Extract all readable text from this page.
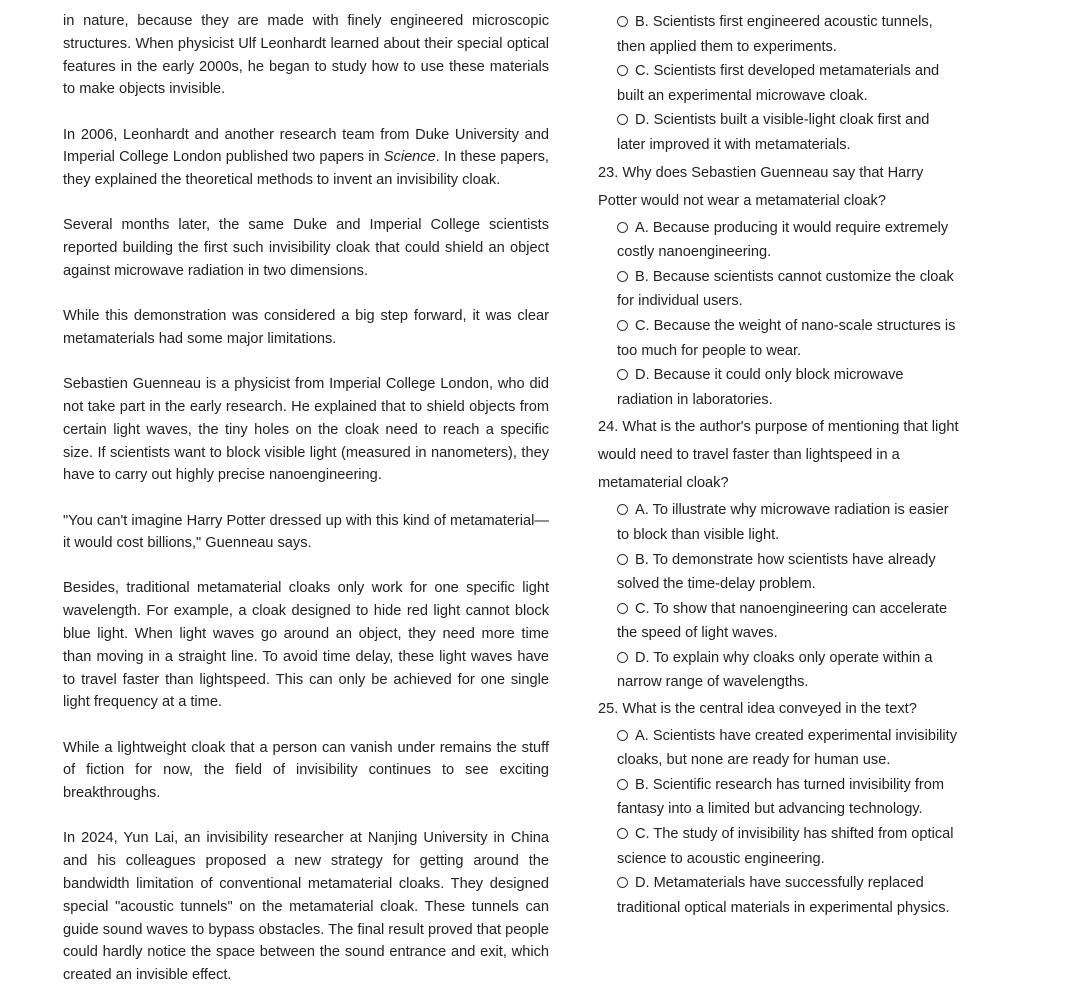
in nature, because they are made with finely engineered microscopic structures. When physicist Ulf Leonhardt learned about their special optical features in the early 2000s, he began to study how to use these materials to make objects invisible.

In 2006, Leonhardt and another research team from Duke University and Imperial College London published two papers in Science. In these papers, they explained the theoretical methods to invent an invisibility cloak.

Several months later, the same Duke and Imperial College scientists reported building the first such invisibility cloak that could shield an object against microwave radiation in two dimensions.

While this demonstration was considered a big step forward, it was clear metamaterials had some major limitations.

Sebastien Guenneau is a physicist from Imperial College London, who did not take part in the early research. He explained that to shield objects from certain light waves, the tiny holes on the cloak need to reach a specific size. If scientists want to block visible light (measured in nanometers), they have to carry out highly precise nanoengineering.

"You can't imagine Harry Potter dressed up with this kind of metamaterial—it would cost billions," Guenneau says.

Besides, traditional metamaterial cloaks only work for one specific light wavelength. For example, a cloak designed to hide red light cannot block blue light. When light waves go around an object, they need more time than moving in a straight line. To avoid time delay, these light waves have to travel faster than lightspeed. This can only be achieved for one single light frequency at a time.

While a lightweight cloak that a person can vanish under remains the stuff of fiction for now, the field of invisibility continues to see exciting breakthroughs.

In 2024, Yun Lai, an invisibility researcher at Nanjing University in China and his colleagues proposed a new strategy for getting around the bandwidth limitation of conventional metamaterial cloaks. They designed special "acoustic tunnels" on the metamaterial cloak. These tunnels can guide sound waves to bypass obstacles. The final result proved that people could hardly notice the space between the sound entrance and exit, which created an invisible effect.

B. Scientists first engineered acoustic tunnels, then applied them to experiments.
C. Scientists first developed metamaterials and built an experimental microwave cloak.
D. Scientists built a visible-light cloak first and later improved it with metamaterials.
23. Why does Sebastien Guenneau say that Harry Potter would not wear a metamaterial cloak?
A. Because producing it would require extremely costly nanoengineering.
B. Because scientists cannot customize the cloak for individual users.
C. Because the weight of nano-scale structures is too much for people to wear.
D. Because it could only block microwave radiation in laboratories.
24. What is the author's purpose of mentioning that light would need to travel faster than lightspeed in a metamaterial cloak?
A. To illustrate why microwave radiation is easier to block than visible light.
B. To demonstrate how scientists have already solved the time-delay problem.
C. To show that nanoengineering can accelerate the speed of light waves.
D. To explain why cloaks only operate within a narrow range of wavelengths.
25. What is the central idea conveyed in the text?
A. Scientists have created experimental invisibility cloaks, but none are ready for human use.
B. Scientific research has turned invisibility from fantasy into a limited but advancing technology.
C. The study of invisibility has shifted from optical science to acoustic engineering.
D. Metamaterials have successfully replaced traditional optical materials in experimental physics.
